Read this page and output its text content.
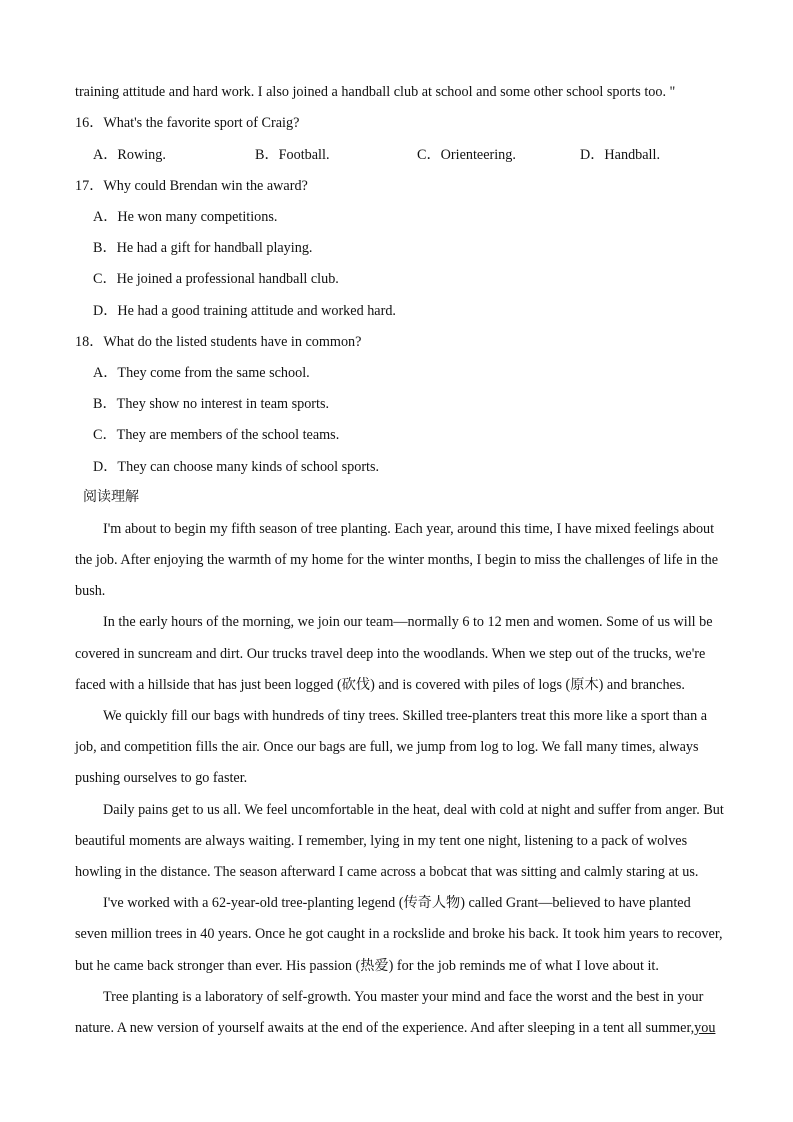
training attitude and hard work. I also joined a handball club at school and some other school sports too. "
16．What's the favorite sport of Craig?
A．Rowing.	B．Football.	C．Orienteering.	D．Handball.
17．Why could Brendan win the award?
A．He won many competitions.
B．He had a gift for handball playing.
C．He joined a professional handball club.
D．He had a good training attitude and worked hard.
18．What do the listed students have in common?
A．They come from the same school.
B．They show no interest in team sports.
C．They are members of the school teams.
D．They can choose many kinds of school sports.
阅读理解
I'm about to begin my fifth season of tree planting. Each year, around this time, I have mixed feelings about
the job. After enjoying the warmth of my home for the winter months, I begin to miss the challenges of life in the
bush.
In the early hours of the morning, we join our team—normally 6 to 12 men and women. Some of us will be
covered in suncream and dirt. Our trucks travel deep into the woodlands. When we step out of the trucks, we're
faced with a hillside that has just been logged (砍伐) and is covered with piles of logs (原木) and branches.
We quickly fill our bags with hundreds of tiny trees. Skilled tree-planters treat this more like a sport than a
job, and competition fills the air. Once our bags are full, we jump from log to log. We fall many times, always
pushing ourselves to go faster.
Daily pains get to us all. We feel uncomfortable in the heat, deal with cold at night and suffer from anger. But
beautiful moments are always waiting. I remember, lying in my tent one night, listening to a pack of wolves
howling in the distance. The season afterward I came across a bobcat that was sitting and calmly staring at us.
I've worked with a 62-year-old tree-planting legend (传奇人物) called Grant—believed to have planted
seven million trees in 40 years. Once he got caught in a rockslide and broke his back. It took him years to recover,
but he came back stronger than ever. His passion (热爱) for the job reminds me of what I love about it.
Tree planting is a laboratory of self-growth. You master your mind and face the worst and the best in your
nature. A new version of yourself awaits at the end of the experience. And after sleeping in a tent all summer,you
